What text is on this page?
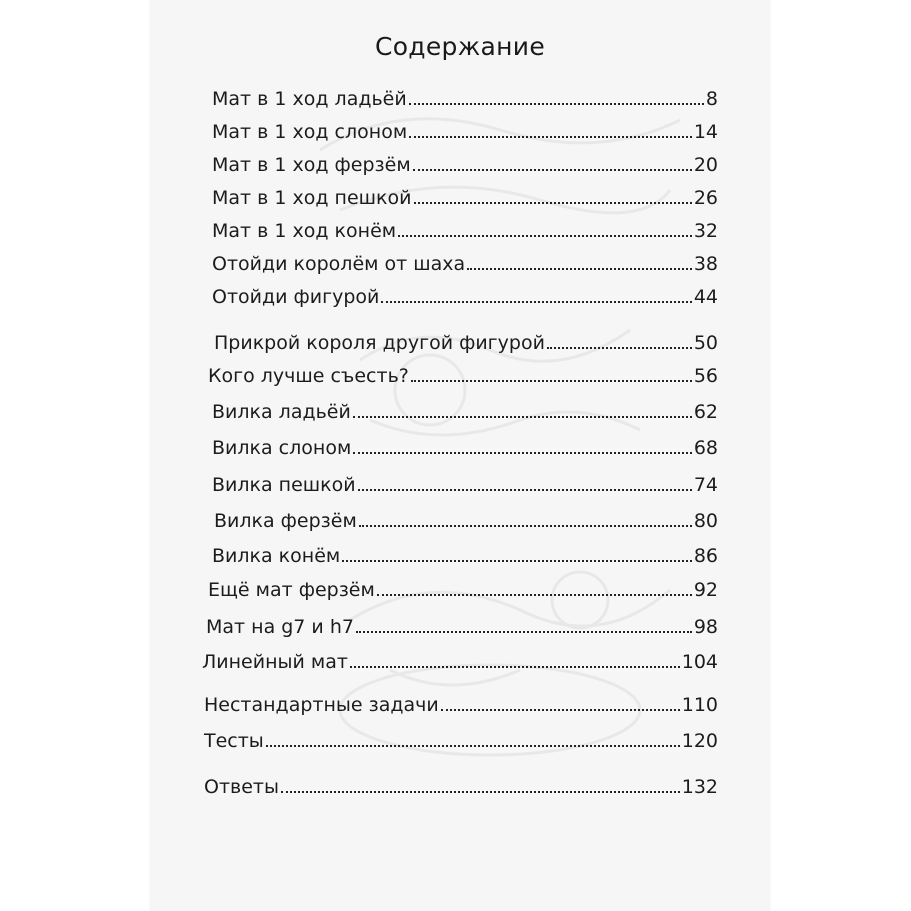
Содержание
Мат в 1 ход ладьёй	8
Мат в 1 ход слоном	14
Мат в 1 ход ферзём	20
Мат в 1 ход пешкой	26
Мат в 1 ход конём	32
Отойди королём от шаха	38
Отойди фигурой	44
Прикрой короля другой фигурой	50
Кого лучше съесть?	56
Вилка ладьёй	62
Вилка слоном	68
Вилка пешкой	74
Вилка ферзём	80
Вилка конём	86
Ещё мат ферзём	92
Мат на g7 и h7	98
Линейный мат	104
Нестандартные задачи	110
Тесты	120
Ответы	132
